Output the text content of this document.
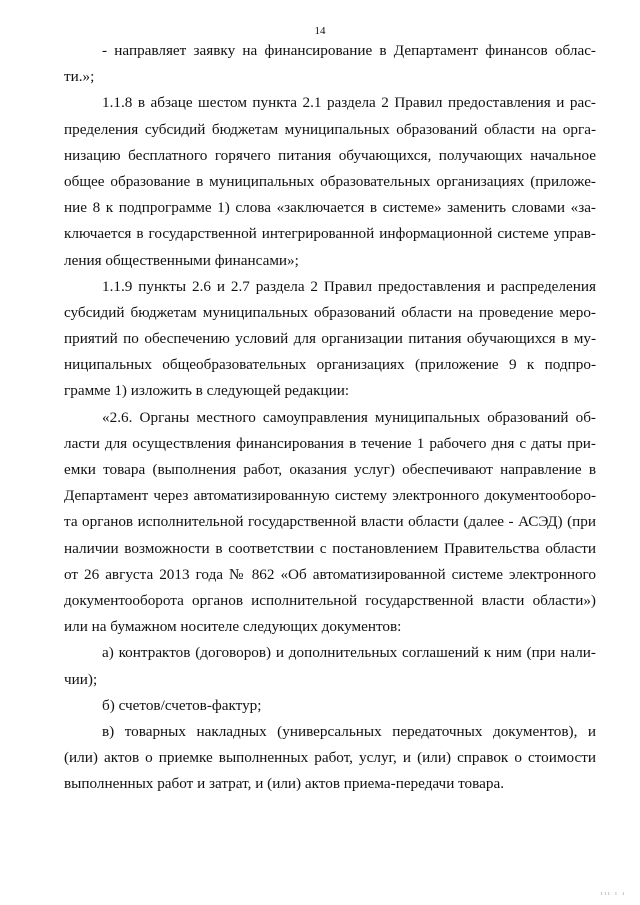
14
- направляет заявку на финансирование в Департамент финансов облас-
ти.»;
1.1.8 в абзаце шестом пункта 2.1 раздела 2 Правил предоставления и рас-
пределения субсидий бюджетам муниципальных образований области на орга-
низацию бесплатного горячего питания обучающихся, получающих начальное
общее образование в муниципальных образовательных организациях (приложе-
ние 8 к подпрограмме 1) слова «заключается в системе» заменить словами «за-
ключается в государственной интегрированной информационной системе управ-
ления общественными финансами»;
1.1.9 пункты 2.6 и 2.7 раздела 2 Правил предоставления и распределения
субсидий бюджетам муниципальных образований области на проведение меро-
приятий по обеспечению условий для организации питания обучающихся в му-
ниципальных общеобразовательных организациях (приложение 9 к подпро-
грамме 1) изложить в следующей редакции:
«2.6. Органы местного самоуправления муниципальных образований об-
ласти для осуществления финансирования в течение 1 рабочего дня с даты при-
емки товара (выполнения работ, оказания услуг) обеспечивают направление в
Департамент через автоматизированную систему электронного документооборо-
та органов исполнительной государственной власти области (далее - АСЭД) (при
наличии возможности в соответствии с постановлением Правительства области
от 26 августа 2013 года № 862 «Об автоматизированной системе электронного
документооборота органов исполнительной государственной власти области»)
или на бумажном носителе следующих документов:
а) контрактов (договоров) и дополнительных соглашений к ним (при нали-
чии);
б) счетов/счетов-фактур;
в) товарных накладных (универсальных передаточных документов), и
(или) актов о приемке выполненных работ, услуг, и (или) справок о стоимости
выполненных работ и затрат, и (или) актов приема-передачи товара.
ııı ı ı
